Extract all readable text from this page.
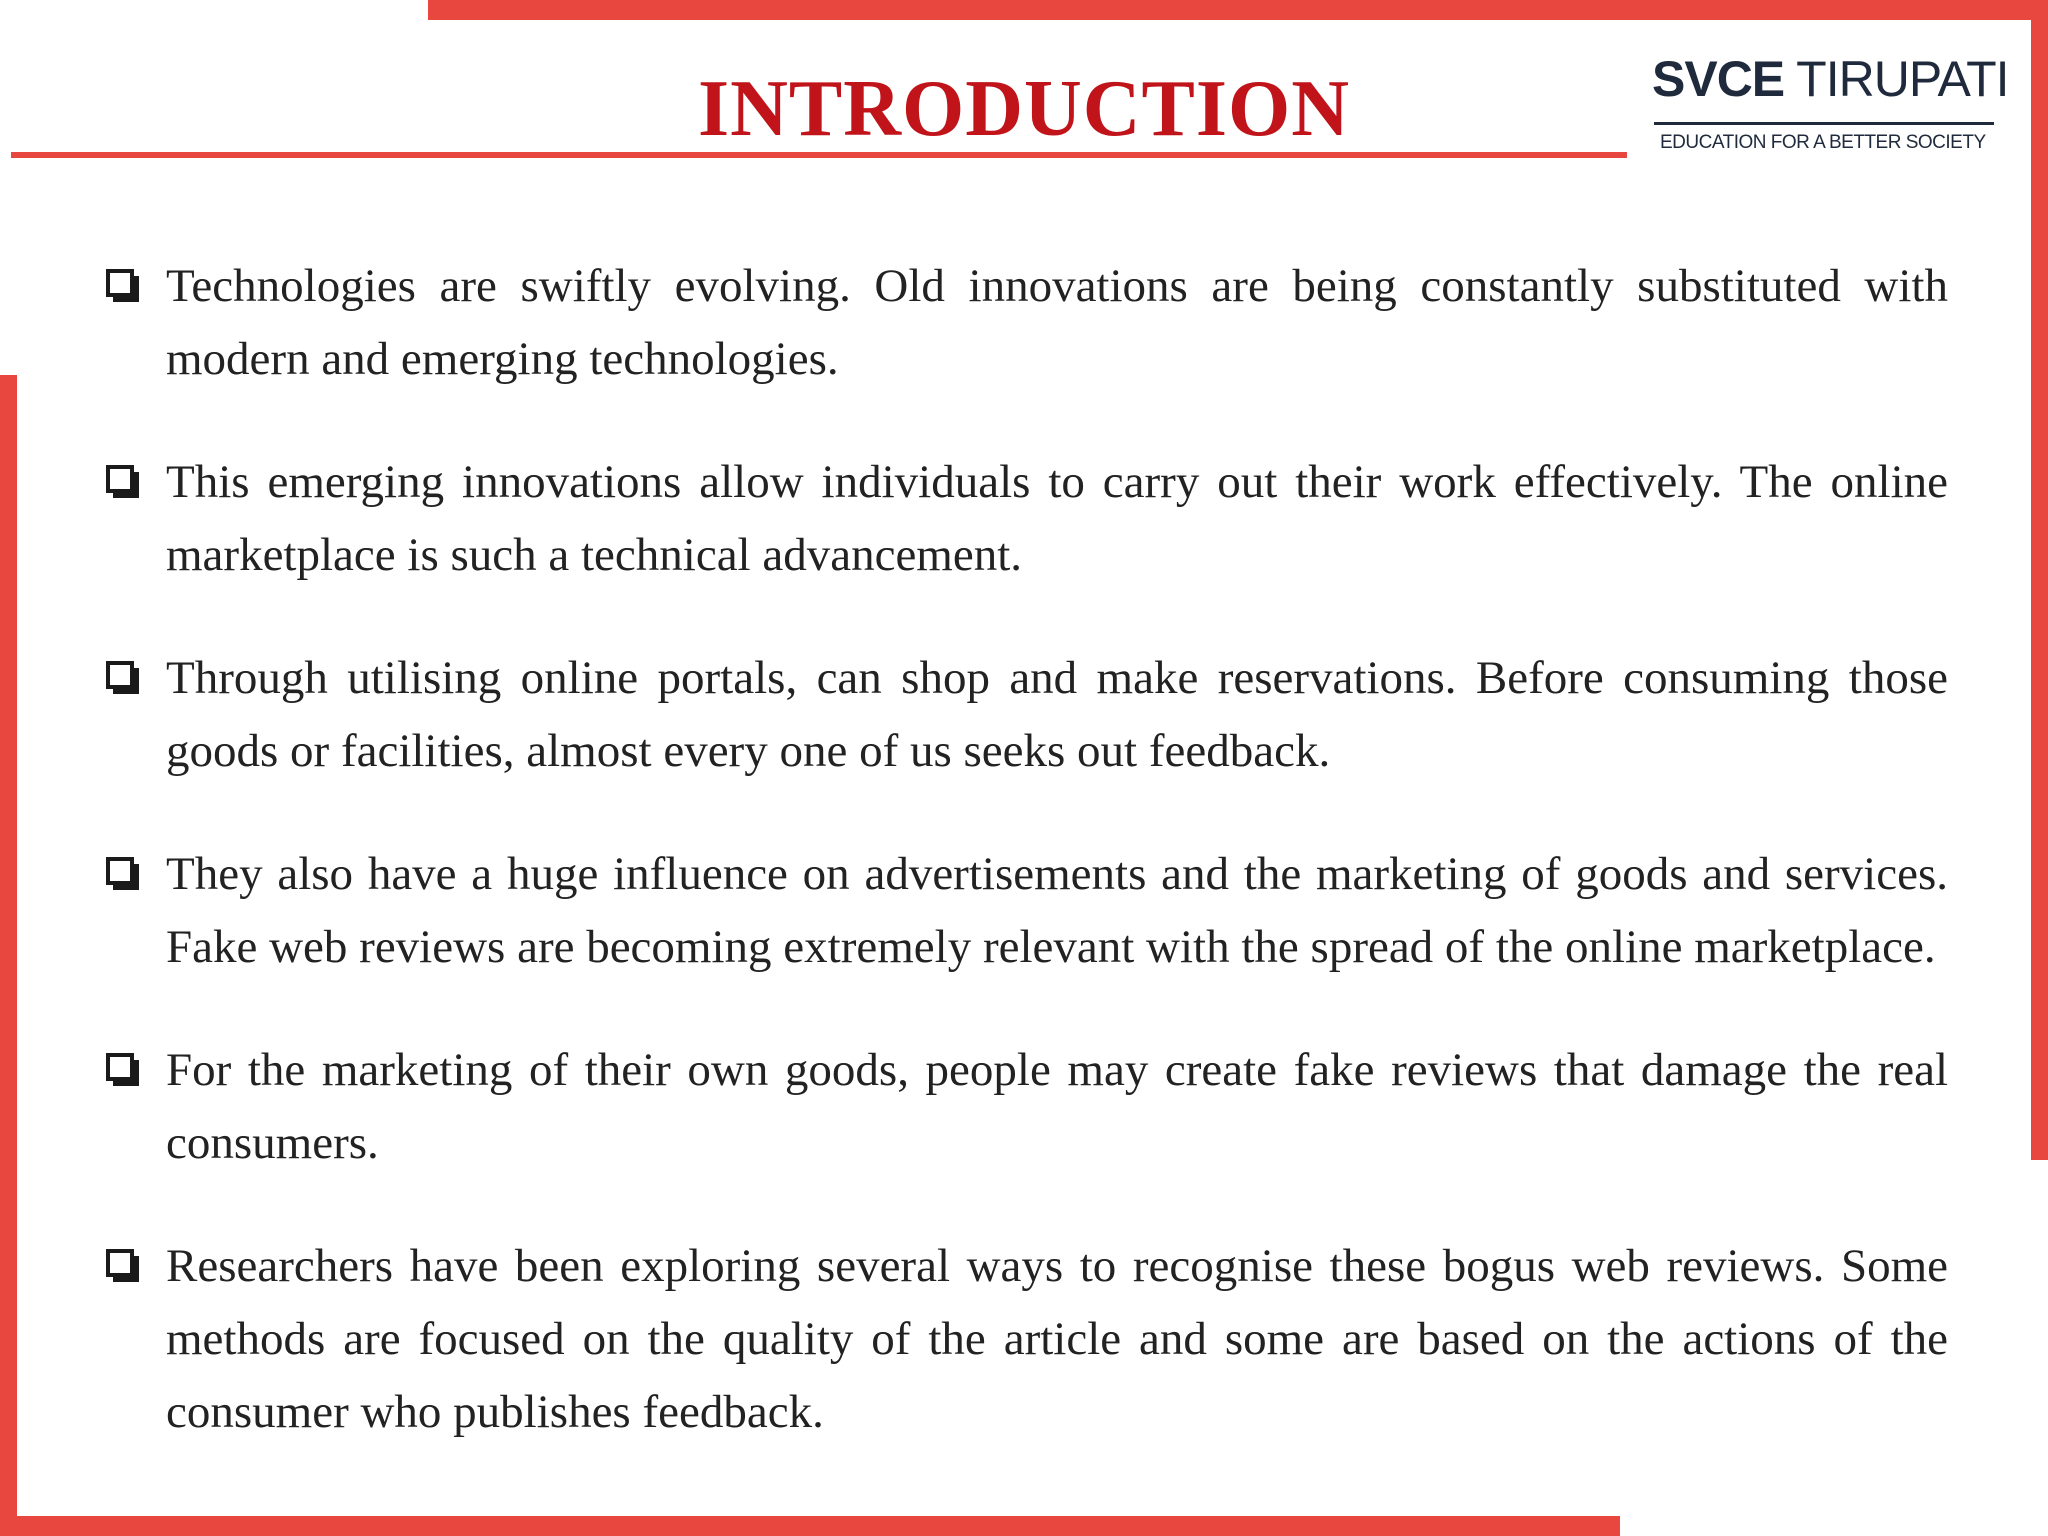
INTRODUCTION	SVCE TIRUPATI
EDUCATION FOR A BETTER SOCIETY
Technologies are swiftly evolving. Old innovations are being constantly substituted with modern and emerging technologies.
This emerging innovations allow individuals to carry out their work effectively. The online marketplace is such a technical advancement.
Through utilising online portals, can shop and make reservations. Before consuming those goods or facilities, almost every one of us seeks out feedback.
They also have a huge influence on advertisements and the marketing of goods and services. Fake web reviews are becoming extremely relevant with the spread of the online marketplace.
For the marketing of their own goods, people may create fake reviews that damage the real consumers.
Researchers have been exploring several ways to recognise these bogus web reviews. Some methods are focused on the quality of the article and some are based on the actions of the consumer who publishes feedback.
